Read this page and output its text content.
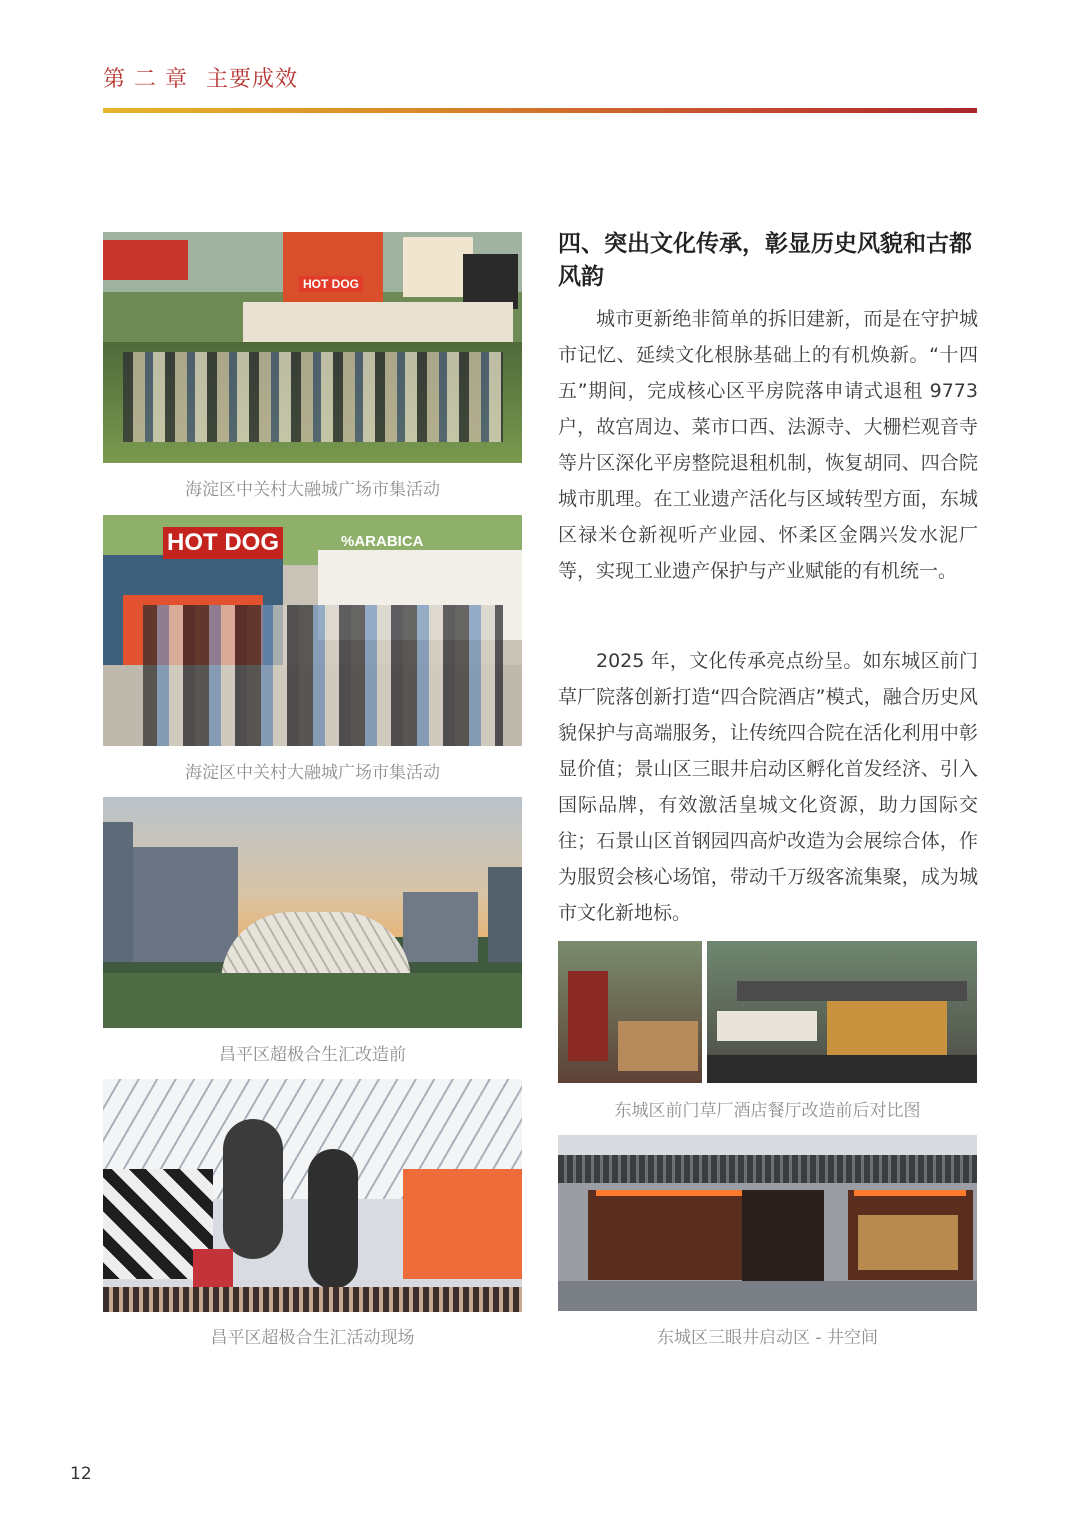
第 二 章 主要成效
HOT DOG
海淀区中关村大融城广场市集活动
HOT DOG	%ARABICA
海淀区中关村大融城广场市集活动
昌平区超极合生汇改造前
昌平区超极合生汇活动现场
四、突出文化传承，彰显历史风貌和古都风韵

城市更新绝非简单的拆旧建新，而是在守护城市记忆、延续文化根脉基础上的有机焕新。“十四五”期间，完成核心区平房院落申请式退租 9773 户，故宫周边、菜市口西、法源寺、大栅栏观音寺等片区深化平房整院退租机制，恢复胡同、四合院城市肌理。在工业遗产活化与区域转型方面，东城区禄米仓新视听产业园、怀柔区金隅兴发水泥厂等，实现工业遗产保护与产业赋能的有机统一。

2025 年，文化传承亮点纷呈。如东城区前门草厂院落创新打造“四合院酒店”模式，融合历史风貌保护与高端服务，让传统四合院在活化利用中彰显价值；景山区三眼井启动区孵化首发经济、引入国际品牌，有效激活皇城文化资源，助力国际交往；石景山区首钢园四高炉改造为会展综合体，作为服贸会核心场馆，带动千万级客流集聚，成为城市文化新地标。

东城区前门草厂酒店餐厅改造前后对比图
东城区三眼井启动区 - 井空间
12
